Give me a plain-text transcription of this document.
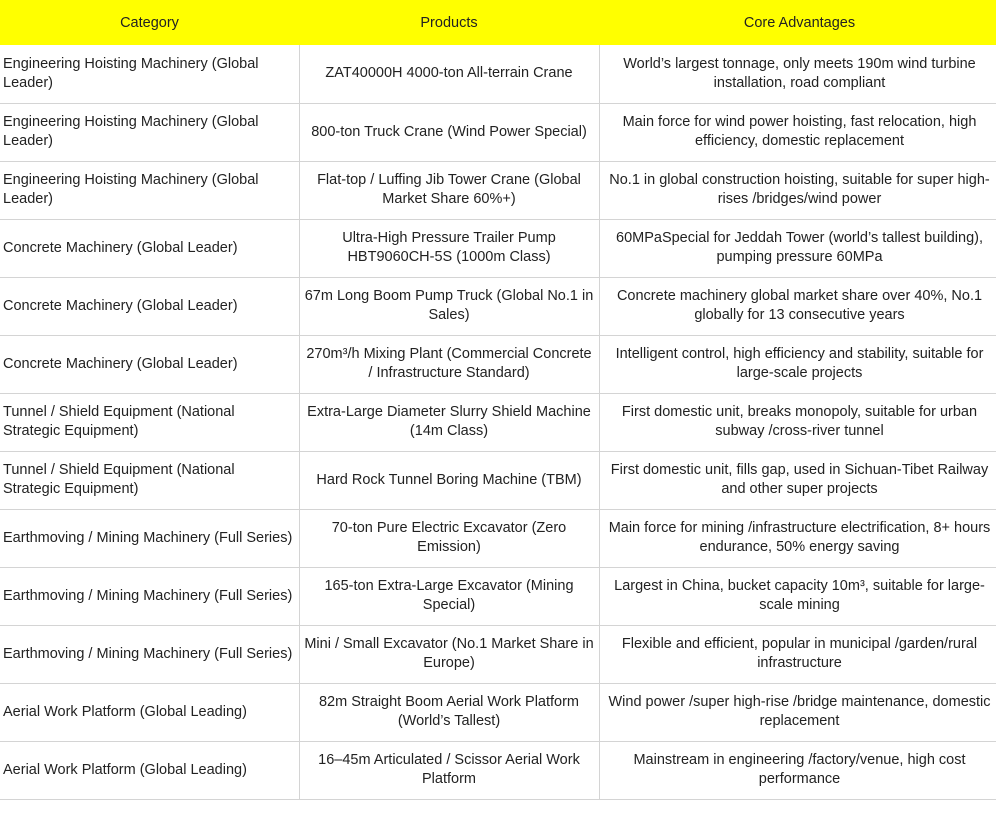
Category	Products	Core Advantages
Engineering Hoisting Machinery (Global Leader)	ZAT40000H 4000-ton All-terrain Crane	World’s largest tonnage, only meets 190m wind turbine installation, road compliant
Engineering Hoisting Machinery (Global Leader)	800-ton Truck Crane (Wind Power Special)	Main force for wind power hoisting, fast relocation, high efficiency, domestic replacement
Engineering Hoisting Machinery (Global Leader)	Flat-top / Luffing Jib Tower Crane (Global Market Share 60%+)	No.1 in global construction hoisting, suitable for super high-rises /bridges/wind power
Concrete Machinery (Global Leader)	Ultra-High Pressure Trailer Pump HBT9060CH-5S (1000m Class)	60MPaSpecial for Jeddah Tower (world’s tallest building), pumping pressure 60MPa
Concrete Machinery (Global Leader)	67m Long Boom Pump Truck (Global No.1 in Sales)	Concrete machinery global market share over 40%, No.1 globally for 13 consecutive years
Concrete Machinery (Global Leader)	270m³/h Mixing Plant (Commercial Concrete / Infrastructure Standard)	Intelligent control, high efficiency and stability, suitable for large-scale projects
Tunnel / Shield Equipment (National Strategic Equipment)	Extra-Large Diameter Slurry Shield Machine (14m Class)	First domestic unit, breaks monopoly, suitable for urban subway /cross-river tunnel
Tunnel / Shield Equipment (National Strategic Equipment)	Hard Rock Tunnel Boring Machine (TBM)	First domestic unit, fills gap, used in Sichuan-Tibet Railway and other super projects
Earthmoving / Mining Machinery (Full Series)	70-ton Pure Electric Excavator (Zero Emission)	Main force for mining /infrastructure electrification, 8+ hours endurance, 50% energy saving
Earthmoving / Mining Machinery (Full Series)	165-ton Extra-Large Excavator (Mining Special)	Largest in China, bucket capacity 10m³, suitable for large-scale mining
Earthmoving / Mining Machinery (Full Series)	Mini / Small Excavator (No.1 Market Share in Europe)	Flexible and efficient, popular in municipal /garden/rural infrastructure
Aerial Work Platform (Global Leading)	82m Straight Boom Aerial Work Platform (World’s Tallest)	Wind power /super high-rise /bridge maintenance, domestic replacement
Aerial Work Platform (Global Leading)	16–45m Articulated / Scissor Aerial Work Platform	Mainstream in engineering /factory/venue, high cost performance
